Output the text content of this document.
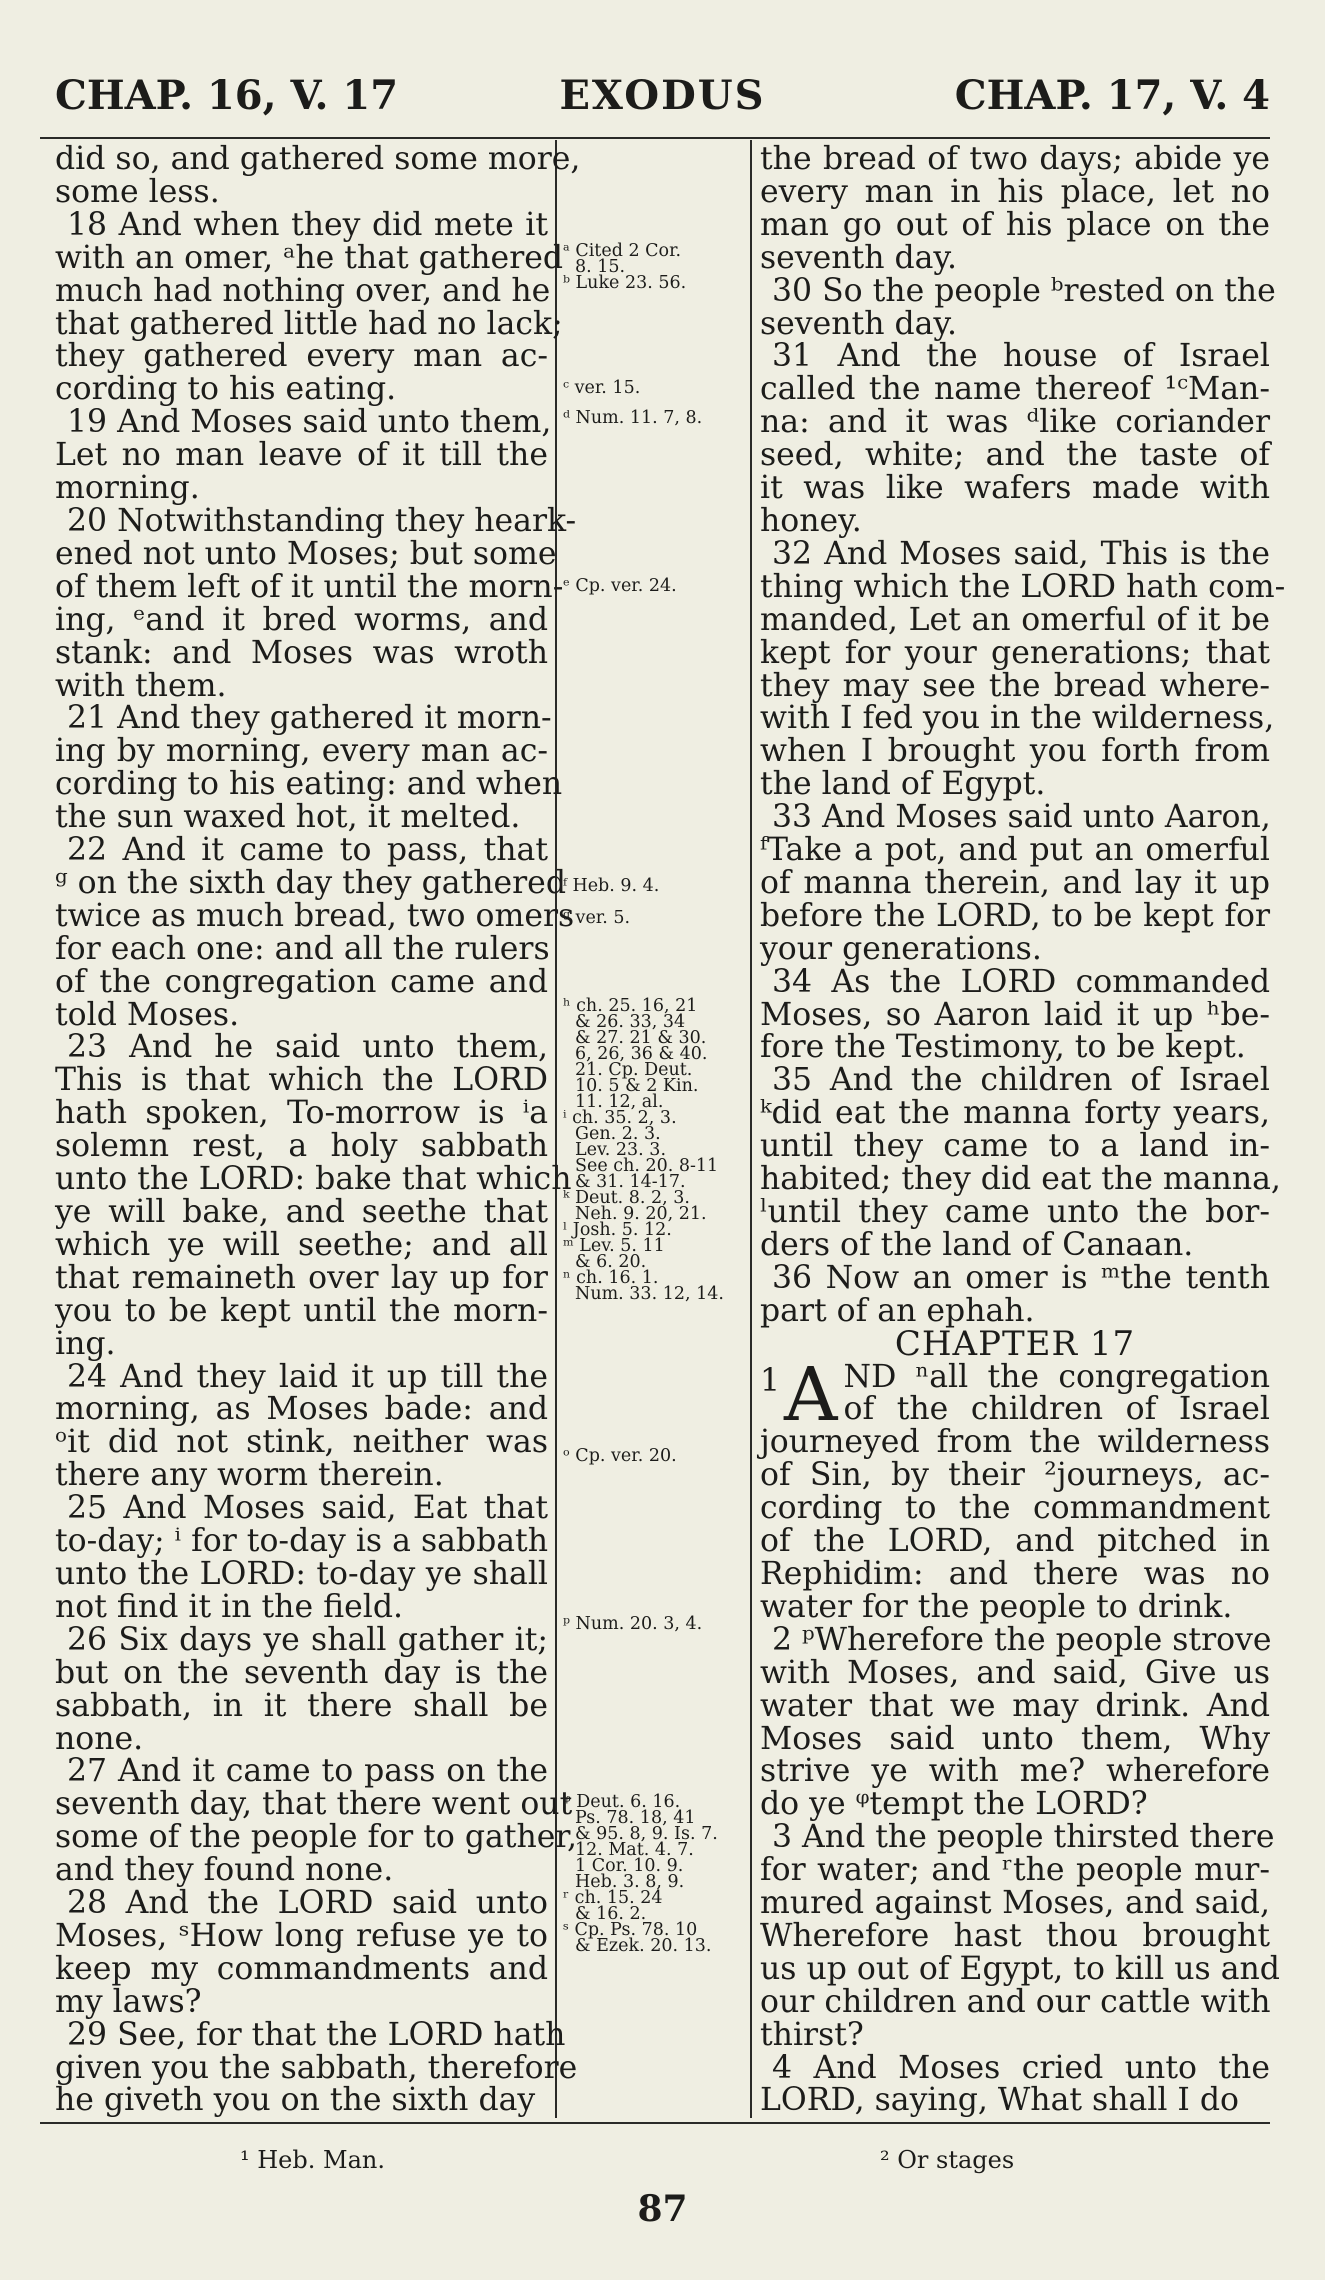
CHAP. 16, V. 17	EXODUS	CHAP. 17, V. 4
did so, and gathered some more,
some less.
18 And when they did mete it
with an omer, ᵃhe that gathered
much had nothing over, and he
that gathered little had no lack;
they gathered every man ac-
cording to his eating.
19 And Moses said unto them,
Let no man leave of it till the
morning.
20 Notwithstanding they heark-
ened not unto Moses; but some
of them left of it until the morn-
ing, ᵉand it bred worms, and
stank: and Moses was wroth
with them.
21 And they gathered it morn-
ing by morning, every man ac-
cording to his eating: and when
the sun waxed hot, it melted.
22 And it came to pass, that
ᵍ on the sixth day they gathered
twice as much bread, two omers
for each one: and all the rulers
of the congregation came and
told Moses.
23 And he said unto them,
This is that which the LORD
hath spoken, To-morrow is ⁱa
solemn rest, a holy sabbath
unto the LORD: bake that which
ye will bake, and seethe that
which ye will seethe; and all
that remaineth over lay up for
you to be kept until the morn-
ing.
24 And they laid it up till the
morning, as Moses bade: and
ᵒit did not stink, neither was
there any worm therein.
25 And Moses said, Eat that
to-day; ⁱ for to-day is a sabbath
unto the LORD: to-day ye shall
not find it in the field.
26 Six days ye shall gather it;
but on the seventh day is the
sabbath, in it there shall be
none.
27 And it came to pass on the
seventh day, that there went out
some of the people for to gather,
and they found none.
28 And the LORD said unto
Moses, ˢHow long refuse ye to
keep my commandments and
my laws?
29 See, for that the LORD hath
given you the sabbath, therefore
he giveth you on the sixth day
ᵃ Cited 2 Cor.
8. 15.
ᵇ Luke 23. 56.
ᶜ ver. 15.
ᵈ Num. 11. 7, 8.
ᵉ Cp. ver. 24.
ᶠ Heb. 9. 4.
ᵍ ver. 5.
ʰ ch. 25. 16, 21
& 26. 33, 34
& 27. 21 & 30.
6, 26, 36 & 40.
21. Cp. Deut.
10. 5 & 2 Kin.
11. 12, al.
ⁱ ch. 35. 2, 3.
Gen. 2. 3.
Lev. 23. 3.
See ch. 20. 8-11
& 31. 14-17.
ᵏ Deut. 8. 2, 3.
Neh. 9. 20, 21.
ˡ Josh. 5. 12.
ᵐ Lev. 5. 11
& 6. 20.
ⁿ ch. 16. 1.
Num. 33. 12, 14.
ᵒ Cp. ver. 20.
ᵖ Num. 20. 3, 4.
ᵠ Deut. 6. 16.
Ps. 78. 18, 41
& 95. 8, 9. Is. 7.
12. Mat. 4. 7.
1 Cor. 10. 9.
Heb. 3. 8, 9.
ʳ ch. 15. 24
& 16. 2.
ˢ Cp. Ps. 78. 10
& Ezek. 20. 13.
the bread of two days; abide ye
every man in his place, let no
man go out of his place on the
seventh day.
30 So the people ᵇrested on the
seventh day.
31 And the house of Israel
called the name thereof ¹ᶜMan-
na: and it was ᵈlike coriander
seed, white; and the taste of
it was like wafers made with
honey.
32 And Moses said, This is the
thing which the LORD hath com-
manded, Let an omerful of it be
kept for your generations; that
they may see the bread where-
with I fed you in the wilderness,
when I brought you forth from
the land of Egypt.
33 And Moses said unto Aaron,
ᶠTake a pot, and put an omerful
of manna therein, and lay it up
before the LORD, to be kept for
your generations.
34 As the LORD commanded
Moses, so Aaron laid it up ʰbe-
fore the Testimony, to be kept.
35 And the children of Israel
ᵏdid eat the manna forty years,
until they came to a land in-
habited; they did eat the manna,
ˡuntil they came unto the bor-
ders of the land of Canaan.
36 Now an omer is ᵐthe tenth
part of an ephah.
CHAPTER 17
1 A ND ⁿall the congregation
of the children of Israel
journeyed from the wilderness
of Sin, by their ²journeys, ac-
cording to the commandment
of the LORD, and pitched in
Rephidim: and there was no
water for the people to drink.
2 ᵖWherefore the people strove
with Moses, and said, Give us
water that we may drink. And
Moses said unto them, Why
strive ye with me? wherefore
do ye ᵠtempt the LORD?
3 And the people thirsted there
for water; and ʳthe people mur-
mured against Moses, and said,
Wherefore hast thou brought
us up out of Egypt, to kill us and
our children and our cattle with
thirst?
4 And Moses cried unto the
LORD, saying, What shall I do
¹ Heb. Man.	² Or stages
87
